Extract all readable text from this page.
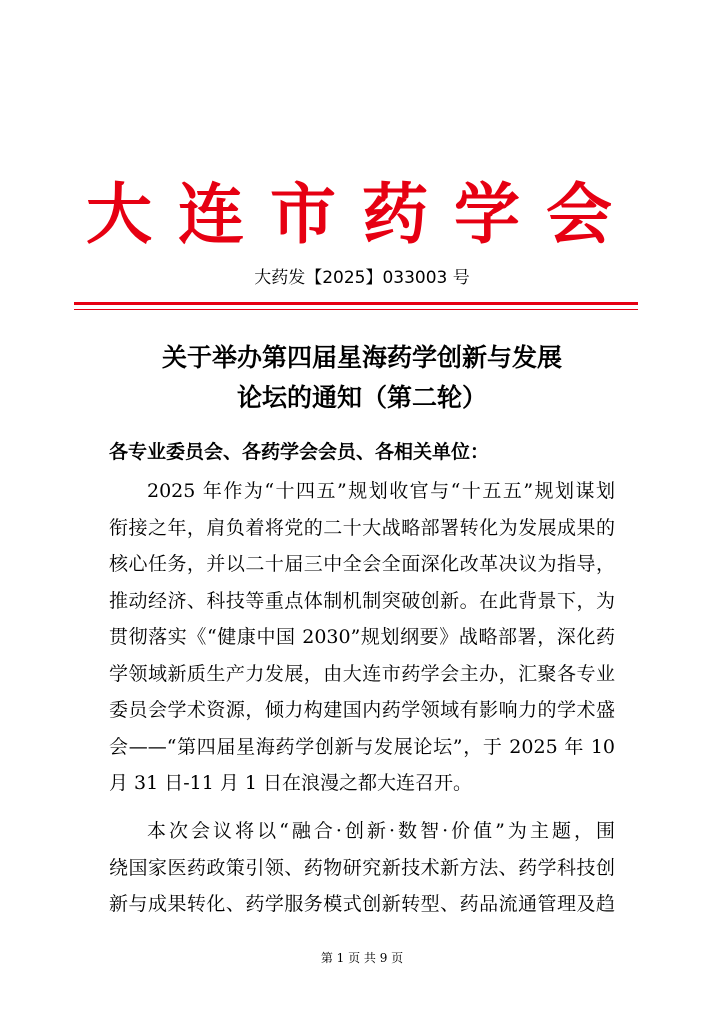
大连市药学会
大药发【2025】033003 号
关于举办第四届星海药学创新与发展
论坛的通知（第二轮）
各专业委员会、各药学会会员、各相关单位：
2025 年作为“十四五”规划收官与“十五五”规划谋划
衔接之年，肩负着将党的二十大战略部署转化为发展成果的
核心任务，并以二十届三中全会全面深化改革决议为指导，
推动经济、科技等重点体制机制突破创新。在此背景下，为
贯彻落实《“健康中国 2030”规划纲要》战略部署，深化药
学领域新质生产力发展，由大连市药学会主办，汇聚各专业
委员会学术资源，倾力构建国内药学领域有影响力的学术盛
会——“第四届星海药学创新与发展论坛”，于 2025 年 10
月 31 日-11 月 1 日在浪漫之都大连召开。
本次会议将以“融合·创新·数智·价值”为主题，围
绕国家医药政策引领、药物研究新技术新方法、药学科技创
新与成果转化、药学服务模式创新转型、药品流通管理及趋
第 1 页 共 9 页
